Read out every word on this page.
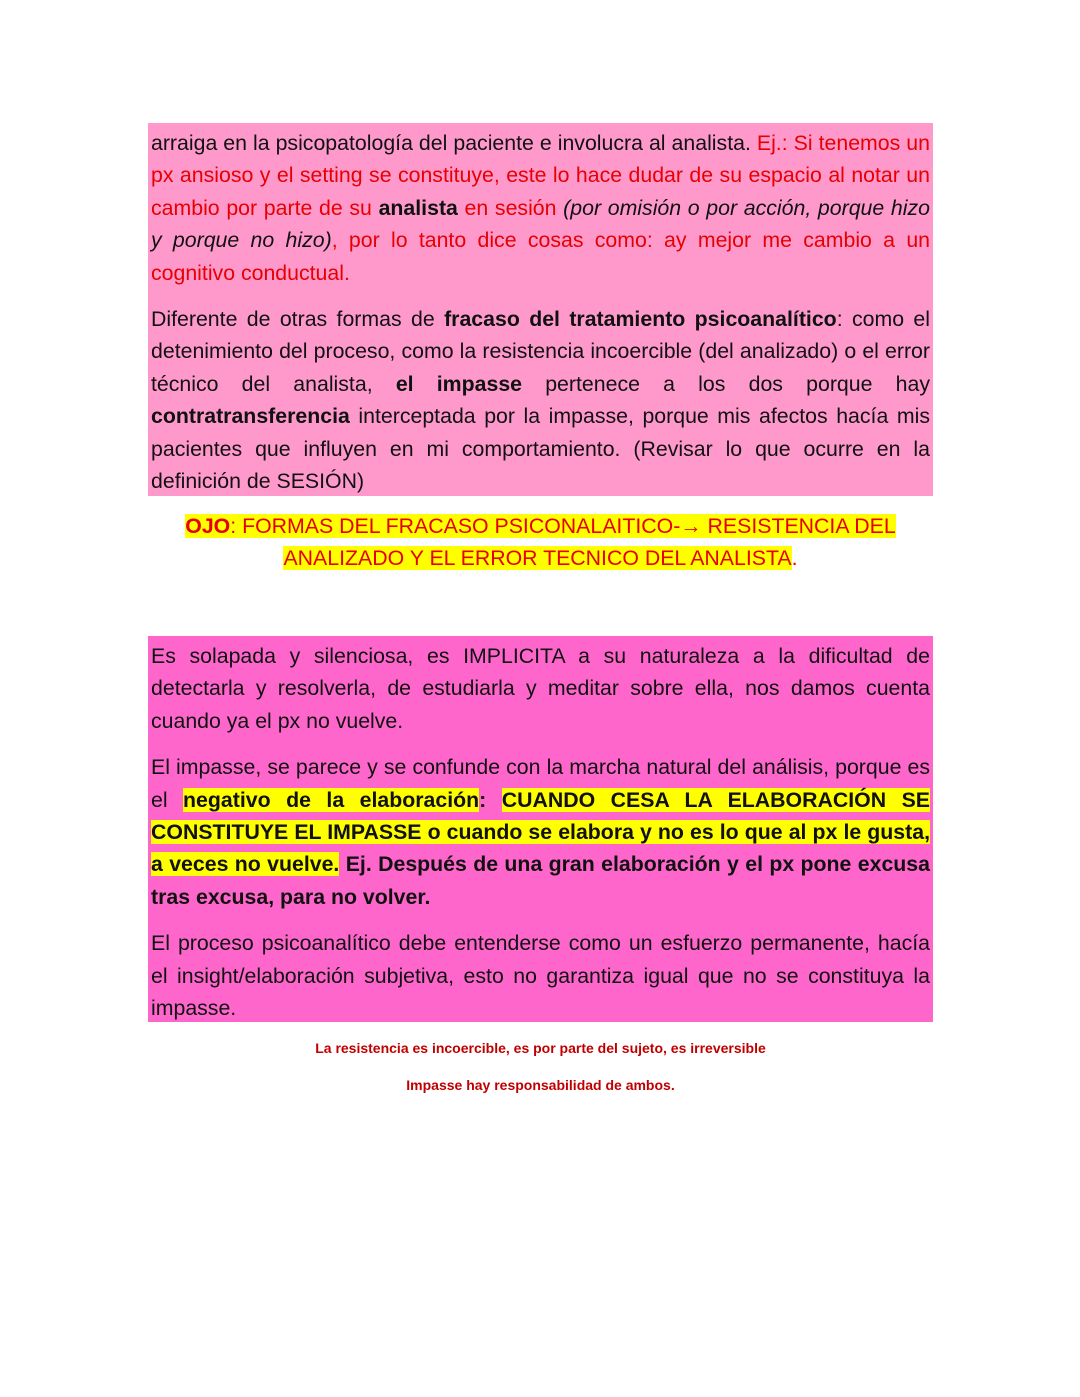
arraiga en la psicopatología del paciente e involucra al analista. Ej.: Si tenemos un px ansioso y el setting se constituye, este lo hace dudar de su espacio al notar un cambio por parte de su analista en sesión (por omisión o por acción, porque hizo y porque no hizo), por lo tanto dice cosas como: ay mejor me cambio a un cognitivo conductual.

Diferente de otras formas de fracaso del tratamiento psicoanalítico: como el detenimiento del proceso, como la resistencia incoercible (del analizado) o el error técnico del analista, el impasse pertenece a los dos porque hay contratransferencia interceptada por la impasse, porque mis afectos hacía mis pacientes que influyen en mi comportamiento. (Revisar lo que ocurre en la definición de SESIÓN)

OJO: FORMAS DEL FRACASO PSICONALAITICO-→ RESISTENCIA DEL
ANALIZADO Y EL ERROR TECNICO DEL ANALISTA.

Es solapada y silenciosa, es IMPLICITA a su naturaleza a la dificultad de detectarla y resolverla, de estudiarla y meditar sobre ella, nos damos cuenta cuando ya el px no vuelve.

El impasse, se parece y se confunde con la marcha natural del análisis, porque es el negativo de la elaboración: CUANDO CESA LA ELABORACIÓN SE CONSTITUYE EL IMPASSE o cuando se elabora y no es lo que al px le gusta, a veces no vuelve. Ej. Después de una gran elaboración y el px pone excusa tras excusa, para no volver.

El proceso psicoanalítico debe entenderse como un esfuerzo permanente, hacía el insight/elaboración subjetiva, esto no garantiza igual que no se constituya la impasse.

La resistencia es incoercible, es por parte del sujeto, es irreversible
Impasse hay responsabilidad de ambos.
